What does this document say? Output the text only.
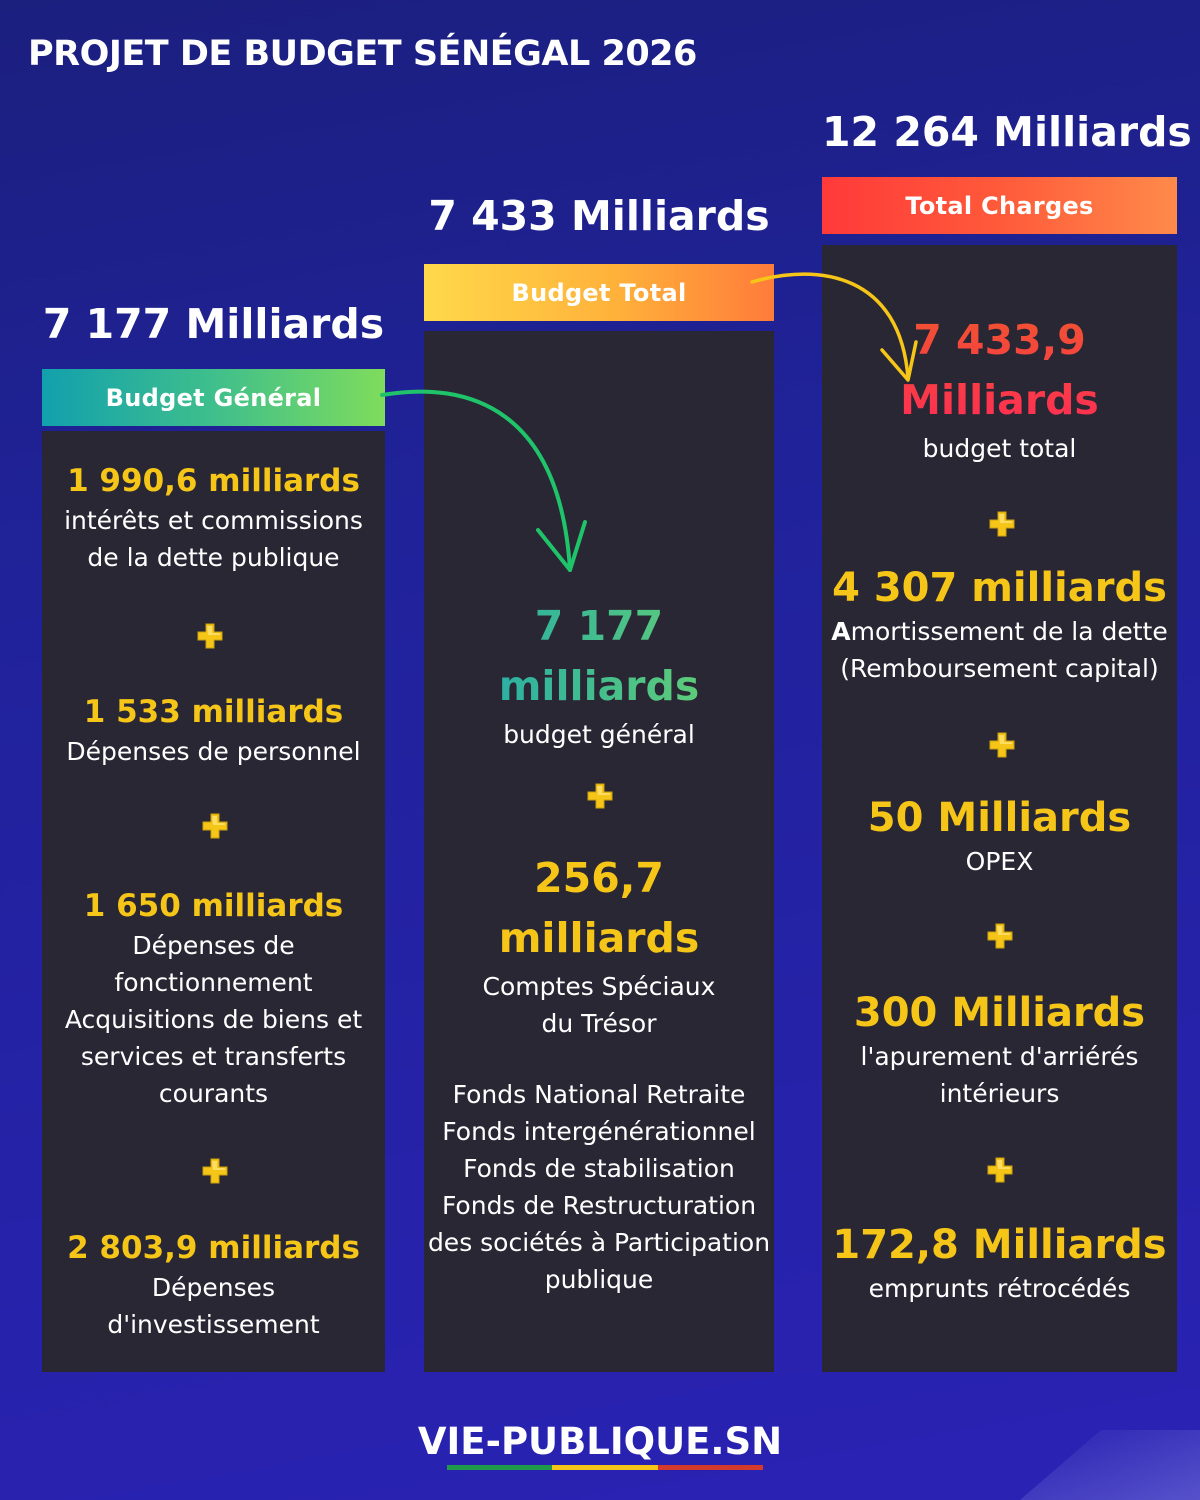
PROJET DE BUDGET SÉNÉGAL 2026
7 177 Milliards
Budget Général
1 990,6 milliards
intérêts et commissions
de la dette publique
1 533 milliards
Dépenses de personnel
1 650 milliards
Dépenses de
fonctionnement
Acquisitions de biens et
services et transferts
courants
2 803,9 milliards
Dépenses
d'investissement
7 433 Milliards
Budget Total
7 177
milliards
budget général
256,7
milliards
Comptes Spéciaux
du Trésor
Fonds National Retraite
Fonds intergénérationnel
Fonds de stabilisation
Fonds de Restructuration
des sociétés à Participation
publique
12 264 Milliards
Total Charges
7 433,9
Milliards
budget total
4 307 milliards
Amortissement de la dette
(Remboursement capital)
50 Milliards
OPEX
300 Milliards
l'apurement d'arriérés
intérieurs
172,8 Milliards
emprunts rétrocédés
VIE-PUBLIQUE.SN
